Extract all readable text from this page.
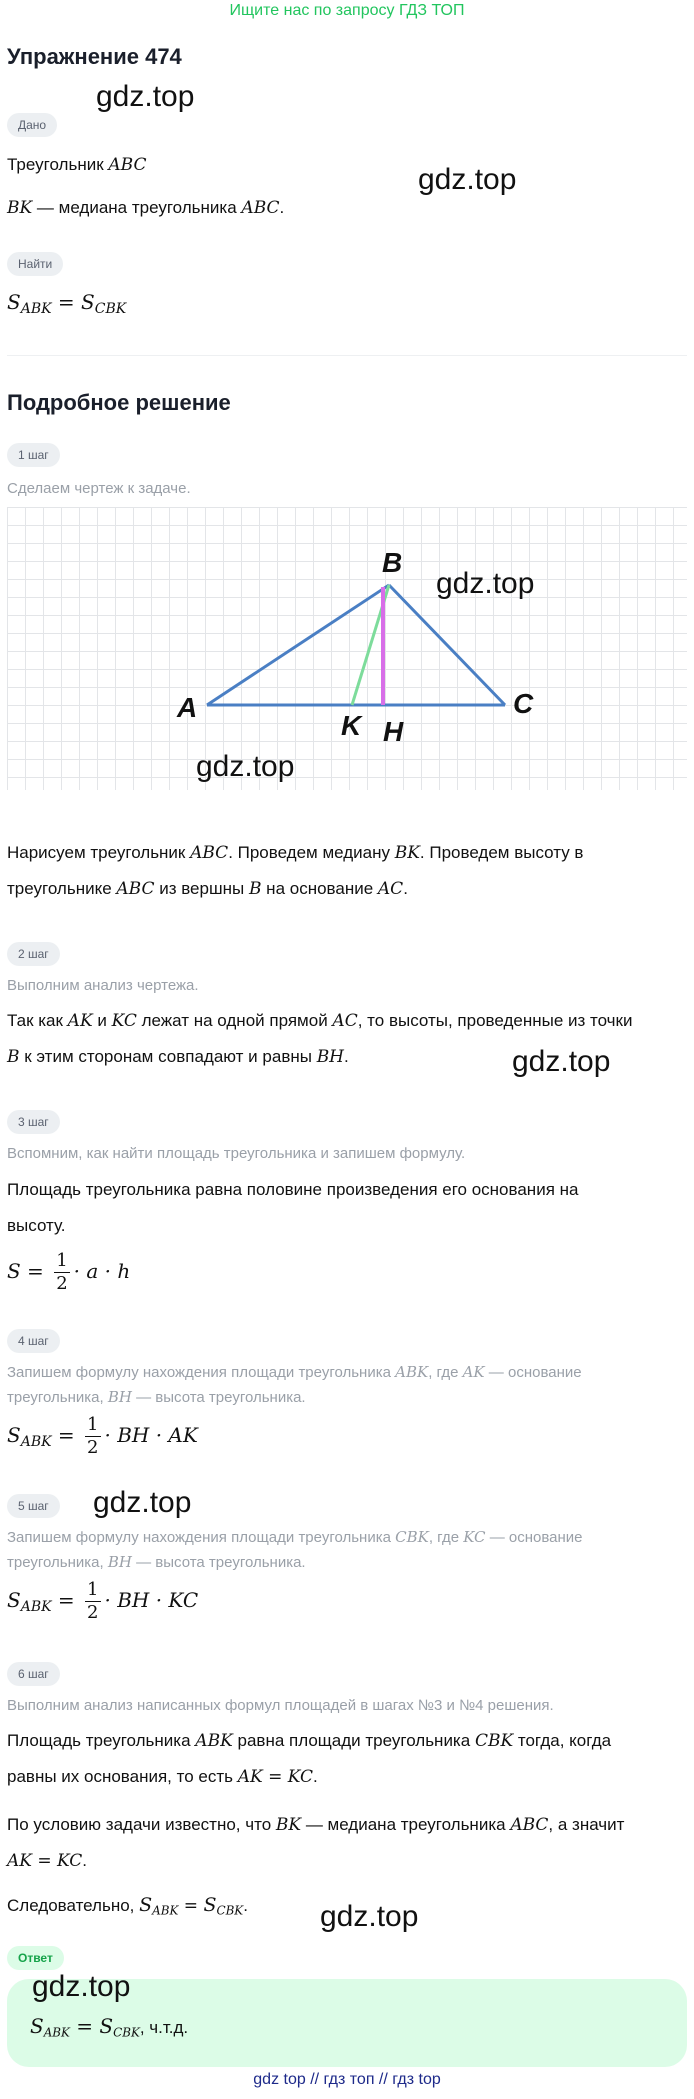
Ищите нас по запросу ГДЗ ТОП
Упражнение 474
gdz.top
Дано
Треугольник ABC	gdz.top
BK — медиана треугольника ABC.
Найти
$S_{ABK} = S_{CBK}$
Подробное решение
1 шаг
Сделаем чертеж к задаче.
A
B
C
K H
gdz.top
gdz.top
Нарисуем треугольник ABC. Проведем медиану BK. Проведем высоту в
треугольнике ABC из вершны B на основание AC.
2 шаг
Выполним анализ чертежа.
Так как AK и KC лежат на одной прямой AC, то высоты, проведенные из точки
B к этим сторонам совпадают и равны BH.	gdz.top
3 шаг
Вспомним, как найти площадь треугольника и запишем формулу.
Площадь треугольника равна половине произведения его основания на
высоту.
$S = \frac{1}{2} \cdot a \cdot h$
4 шаг
Запишем формулу нахождения площади треугольника ABK, где AK — основание
треугольника, BH — высота треугольника.
$S_{ABK} = \frac{1}{2}$ · BH · AK
5 шаг	gdz.top
Запишем формулу нахождения площади треугольника CBK, где KC — основание
треугольника, BH — высота треугольника.
$S_{ABK} = \frac{1}{2}$ · BH · KC
6 шаг
Выполним анализ написанных формул площадей в шагах №3 и №4 решения.
Площадь треугольника ABK равна площади треугольника CBK тогда, когда
равны их основания, то есть AK = KC.
По условию задачи известно, что BK — медиана треугольника ABC, а значит
AK = KC.
Следовательно, $S_{ABK} = S_{CBK}$. gdz.top
Ответ
gdz.top
$S_{ABK} = S_{CBK}$, ч.т.д.
gdz top // гдз топ // гдз top
